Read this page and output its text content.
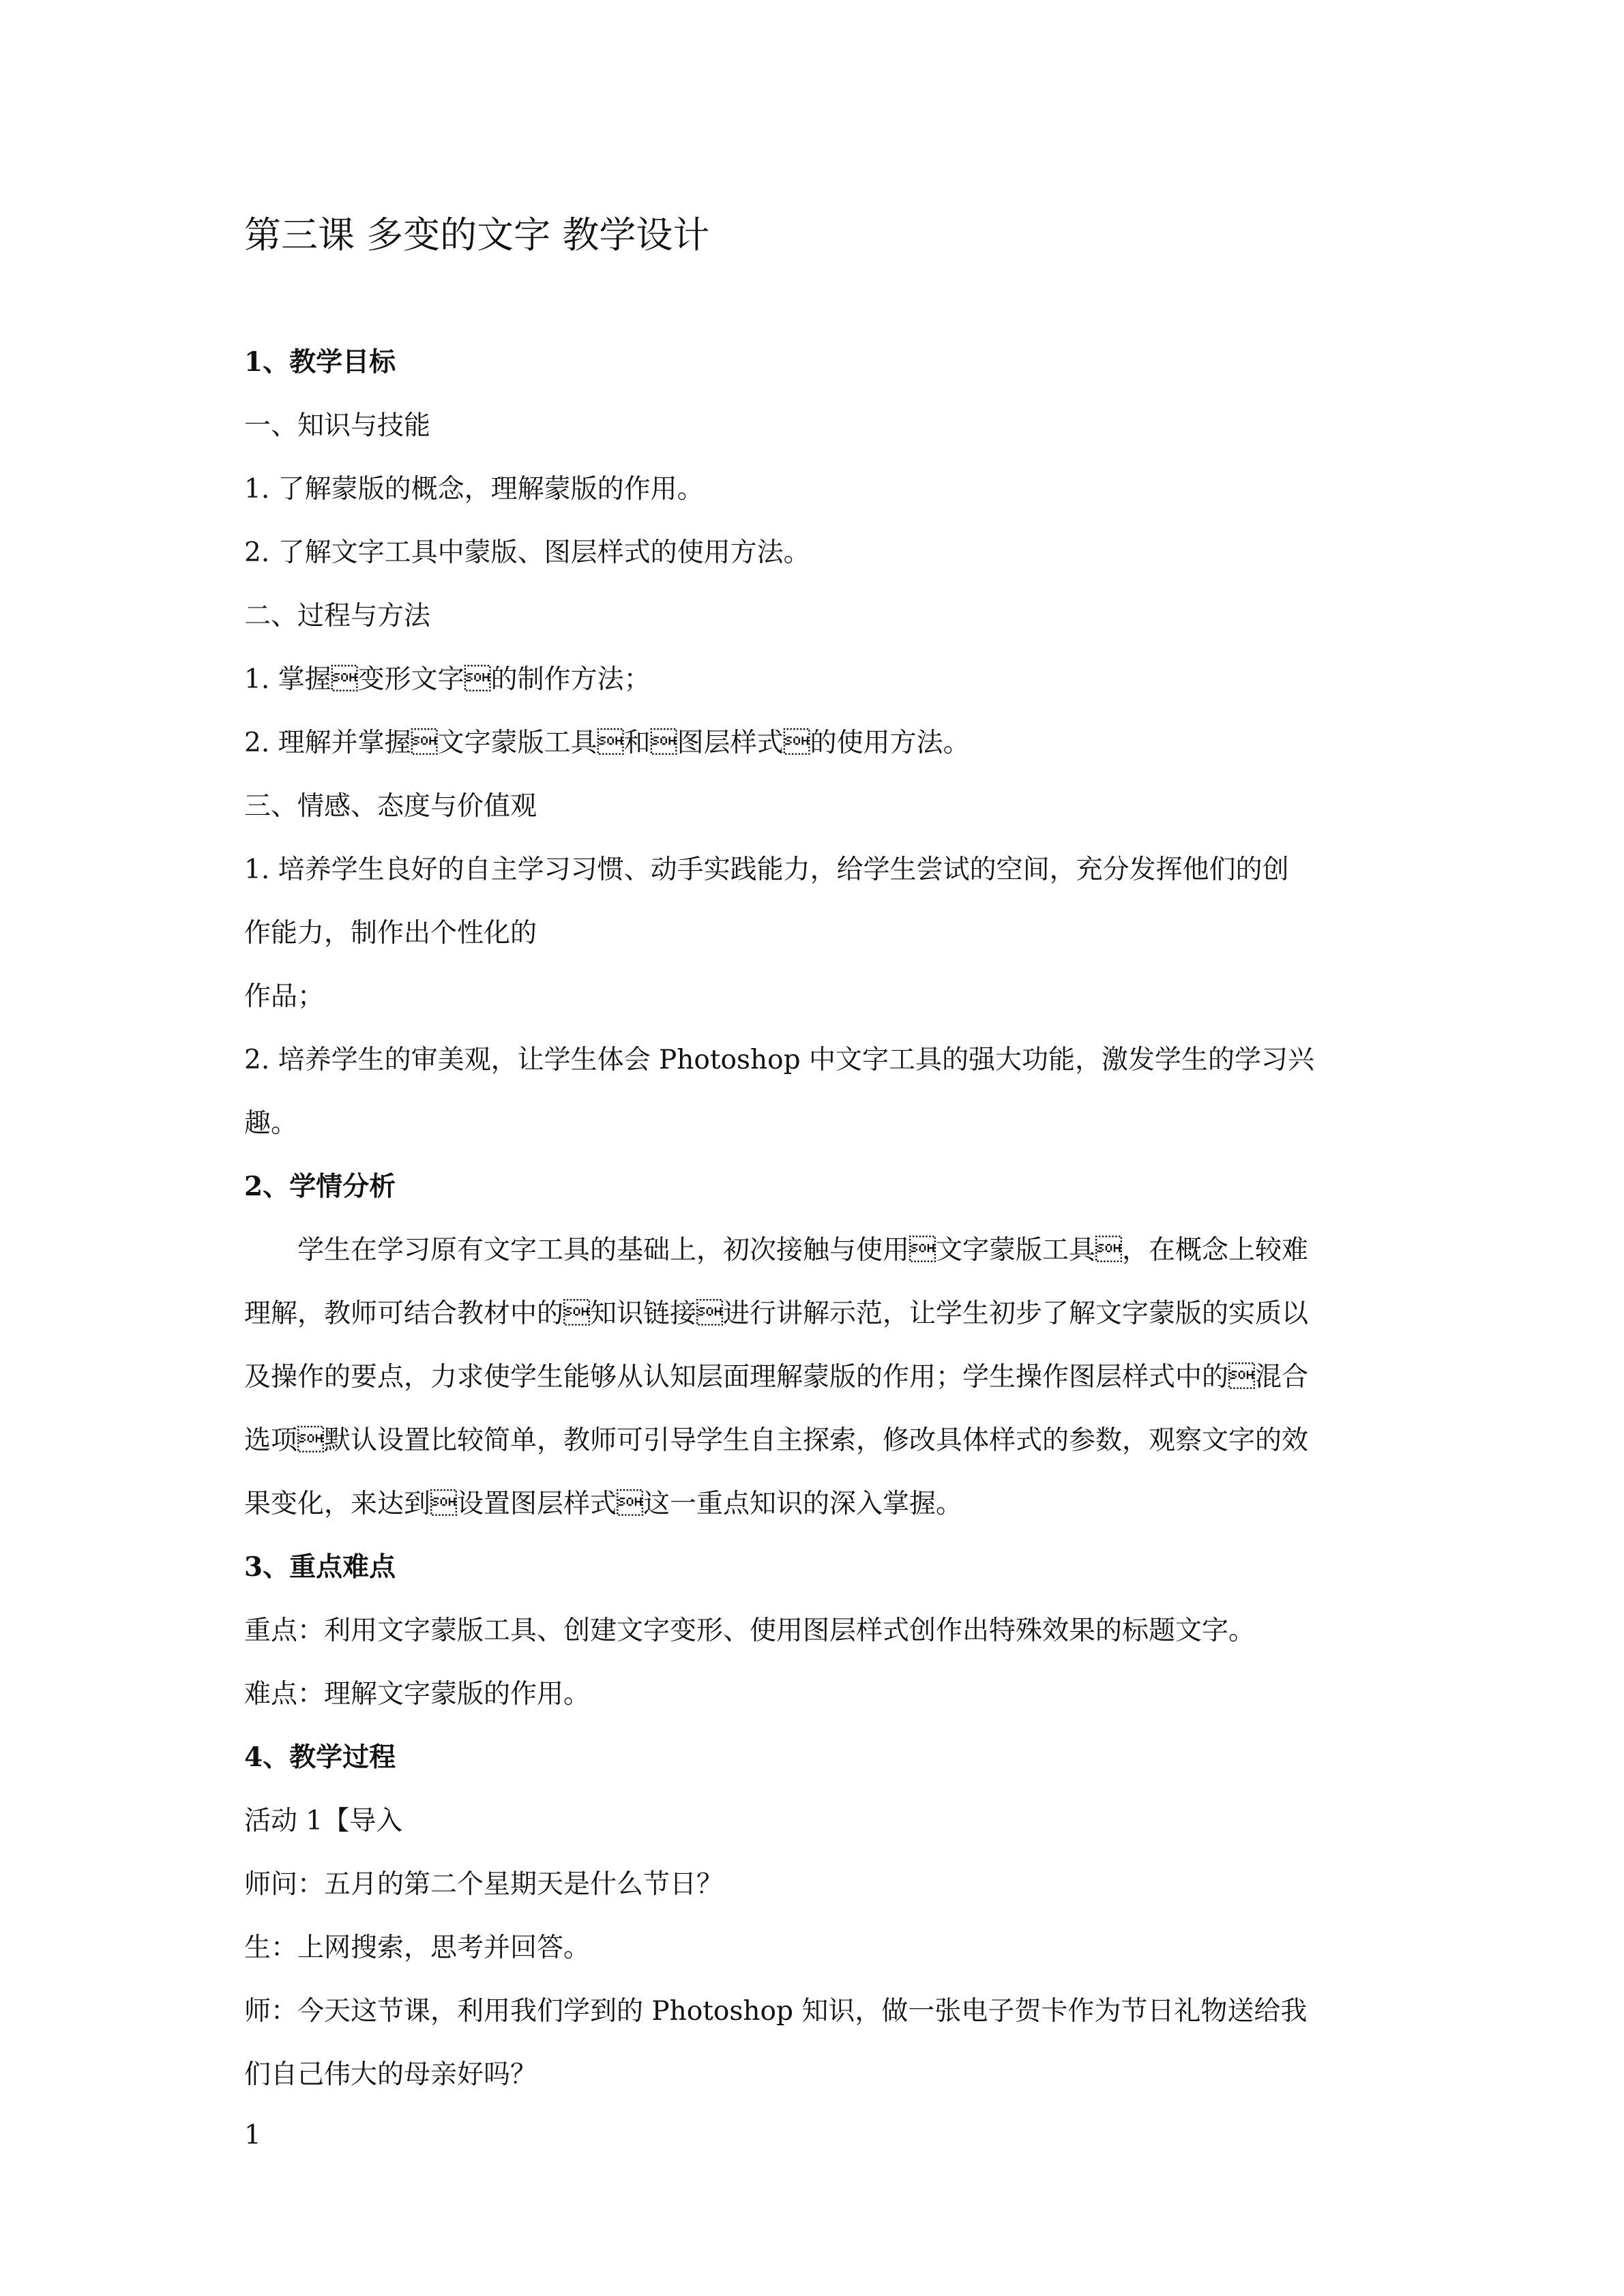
第三课 多变的文字 教学设计

1、教学目标

一、知识与技能

1. 了解蒙版的概念，理解蒙版的作用。

2. 了解文字工具中蒙版、图层样式的使用方法。

二、过程与方法

1. 掌握变形文字的制作方法；

2. 理解并掌握文字蒙版工具和图层样式的使用方法。

三、情感、态度与价值观

1. 培养学生良好的自主学习习惯、动手实践能力，给学生尝试的空间，充分发挥他们的创

作能力，制作出个性化的

作品；

2. 培养学生的审美观，让学生体会 Photoshop 中文字工具的强大功能，激发学生的学习兴

趣。

2、学情分析

学生在学习原有文字工具的基础上，初次接触与使用文字蒙版工具，在概念上较难

理解，教师可结合教材中的知识链接进行讲解示范，让学生初步了解文字蒙版的实质以

及操作的要点，力求使学生能够从认知层面理解蒙版的作用；学生操作图层样式中的混合

选项默认设置比较简单，教师可引导学生自主探索，修改具体样式的参数，观察文字的效

果变化，来达到设置图层样式这一重点知识的深入掌握。

3、重点难点

重点：利用文字蒙版工具、创建文字变形、使用图层样式创作出特殊效果的标题文字。

难点：理解文字蒙版的作用。

4、教学过程

活动 1【导入

师问：五月的第二个星期天是什么节日？

生：上网搜索，思考并回答。

师：今天这节课，利用我们学到的 Photoshop 知识，做一张电子贺卡作为节日礼物送给我

们自己伟大的母亲好吗？

1
